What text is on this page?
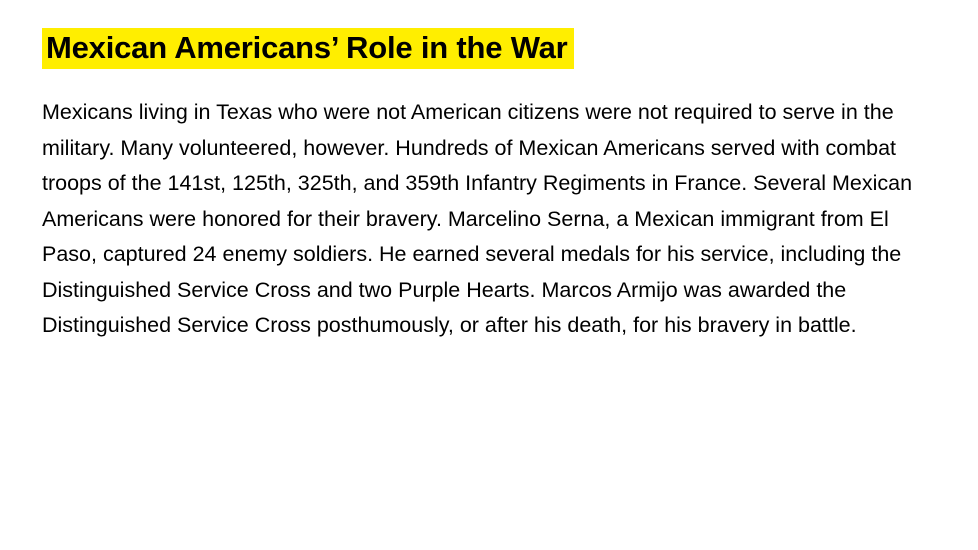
Mexican Americans’ Role in the War

Mexicans living in Texas who were not American citizens were not required to serve in the military. Many volunteered, however. Hundreds of Mexican Americans served with combat troops of the 141st, 125th, 325th, and 359th Infantry Regiments in France. Several Mexican Americans were honored for their bravery. Marcelino Serna, a Mexican immigrant from El Paso, captured 24 enemy soldiers. He earned several medals for his service, including the Distinguished Service Cross and two Purple Hearts. Marcos Armijo was awarded the Distinguished Service Cross posthumously, or after his death, for his bravery in battle.
